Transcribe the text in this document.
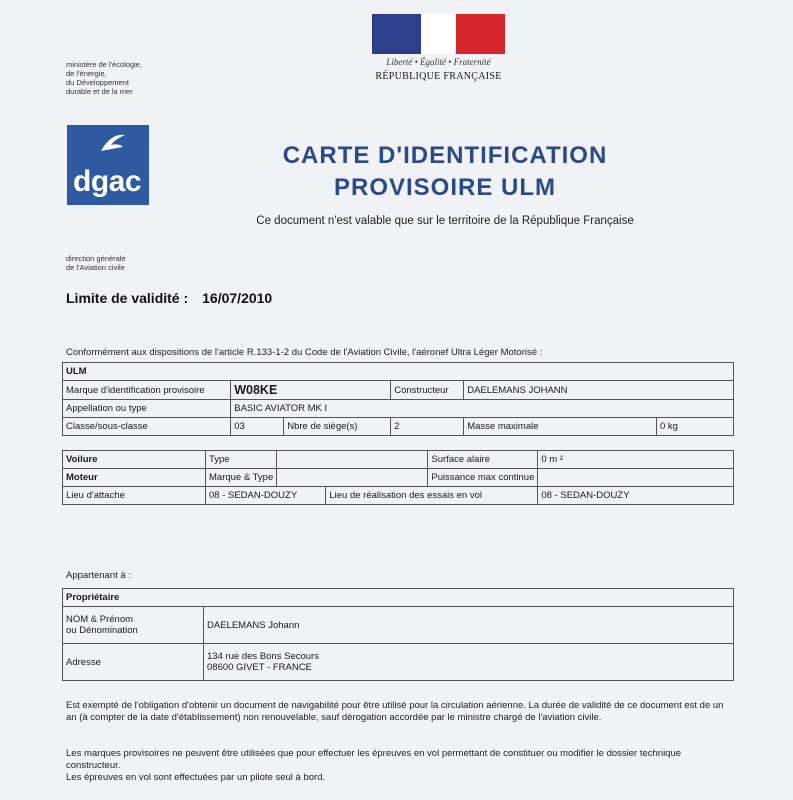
ministère de l'écologie,
de l'énergie,
du Développement
durable et de la mer
Liberté • Égalité • Fraternité
RÉPUBLIQUE FRANÇAISE
dgac
CARTE D'IDENTIFICATION
PROVISOIRE ULM
Ce document n'est valable que sur le territoire de la République Française
direction générale
de l'Aviation civile
Limite de validité : 16/07/2010
Conformément aux dispositions de l'article R.133-1-2 du Code de l'Aviation Civile, l'aéronef Ultra Léger Motorisé :
ULM					
Marque d'identification provisoire	W08KE		Constructeur	DAELEMANS JOHANN	
Appellation ou type	BASIC AVIATOR MK I				
Classe/sous-classe	03	Nbre de siège(s)	2	Masse maximale	0 kg
Voilure	Type			Surface alaire	0 m ²
Moteur	Marque & Type			Puissance max continue	
Lieu d'attache	08 - SEDAN-DOUZY		Lieu de réalisation des essais en vol		08 - SEDAN-DOUZY
Appartenant à :
Propriétaire	
NOM & Prénom
ou Dénomination	DAELEMANS Johann
Adresse	134 rue des Bons Secours
08600 GIVET - FRANCE
Est exempté de l'obligation d'obtenir un document de navigabilité pour être utilisé pour la circulation aérienne. La durée de validité de ce document est de un an (à compter de la date d'établissement) non renouvelable, sauf dérogation accordée par le ministre chargé de l'aviation civile.
Les marques provisoires ne peuvent être utilisées que pour effectuer les épreuves en vol permettant de constituer ou modifier le dossier technique constructeur.
Les épreuves en vol sont effectuées par un pilote seul à bord.
